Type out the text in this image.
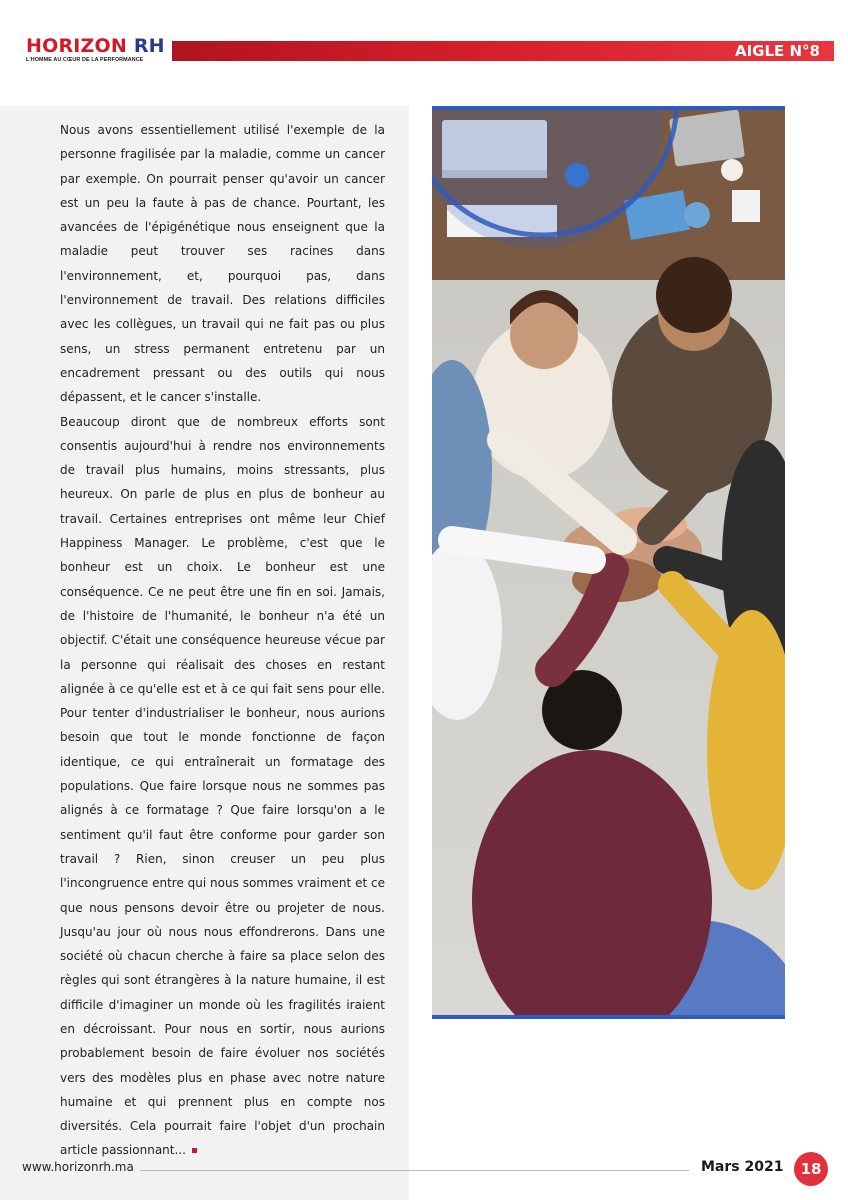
HORIZON RH
L'HOMME AU CŒUR DE LA PERFORMANCE	AIGLE N°8

Nous avons essentiellement utilisé l'exemple de la personne fragilisée par la maladie, comme un cancer par exemple. On pourrait penser qu'avoir un cancer est un peu la faute à pas de chance. Pourtant, les avancées de l'épigénétique nous enseignent que la maladie peut trouver ses racines dans l'environnement, et, pourquoi pas, dans l'environnement de travail. Des relations difficiles avec les collègues, un travail qui ne fait pas ou plus sens, un stress permanent entretenu par un encadrement pressant ou des outils qui nous dépassent, et le cancer s'installe.

Beaucoup diront que de nombreux efforts sont consentis aujourd'hui à rendre nos environnements de travail plus humains, moins stressants, plus heureux. On parle de plus en plus de bonheur au travail. Certaines entreprises ont même leur Chief Happiness Manager. Le problème, c'est que le bonheur est un choix. Le bonheur est une conséquence. Ce ne peut être une fin en soi. Jamais, de l'histoire de l'humanité, le bonheur n'a été un objectif. C'était une conséquence heureuse vécue par la personne qui réalisait des choses en restant alignée à ce qu'elle est et à ce qui fait sens pour elle. Pour tenter d'industrialiser le bonheur, nous aurions besoin que tout le monde fonctionne de façon identique, ce qui entraînerait un formatage des populations. Que faire lorsque nous ne sommes pas alignés à ce formatage ? Que faire lorsqu'on a le sentiment qu'il faut être conforme pour garder son travail ? Rien, sinon creuser un peu plus l'incongruence entre qui nous sommes vraiment et ce que nous pensons devoir être ou projeter de nous. Jusqu'au jour où nous nous effondrerons. Dans une société où chacun cherche à faire sa place selon des règles qui sont étrangères à la nature humaine, il est difficile d'imaginer un monde où les fragilités iraient en décroissant. Pour nous en sortir, nous aurions probablement besoin de faire évoluer nos sociétés vers des modèles plus en phase avec notre nature humaine et qui prennent plus en compte nos diversités. Cela pourrait faire l'objet d'un prochain article passionnant...

www.horizonrh.ma	Mars 2021	18
